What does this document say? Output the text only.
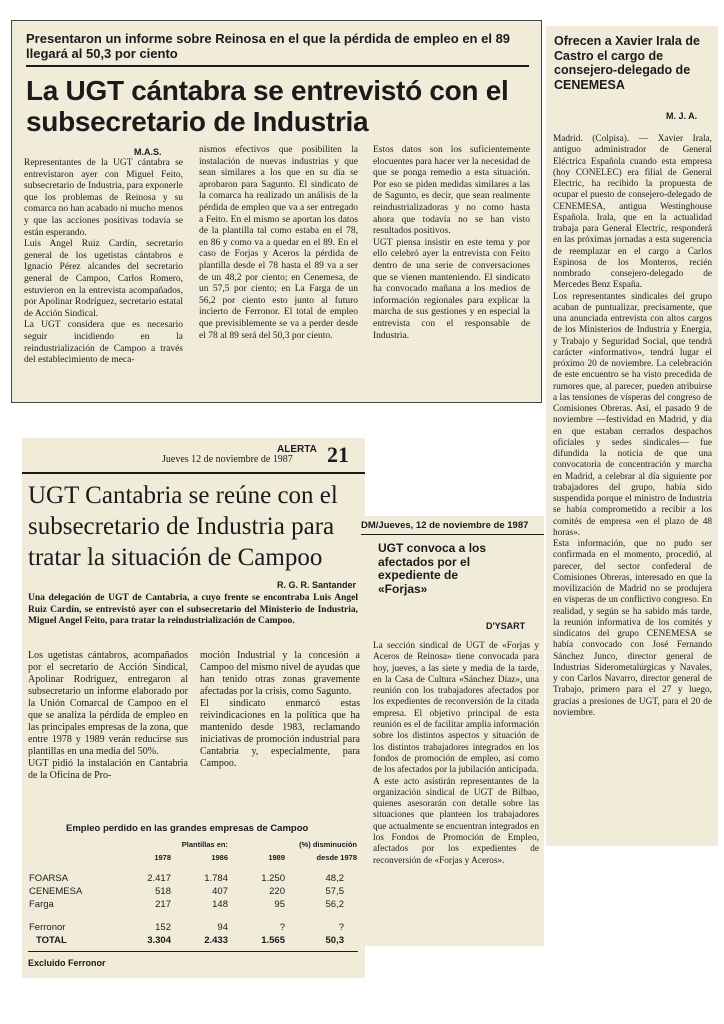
Presentaron un informe sobre Reinosa en el que la pérdida de empleo en el 89 llegará al 50,3 por ciento
La UGT cántabra se entrevistó con el subsecretario de Industria
M.A.S.
Representantes de la UGT cántabra se entrevistaron ayer con Miguel Feito, subsecretario de Industria, para exponerle que los problemas de Reinosa y su comarca no han acabado ni mucho menos y que las acciones positivas todavía se están esperando.
Luis Angel Ruiz Cardín, secretario general de los ugetistas cántabros e Ignacio Pérez alcandes del secretario general de Campoo, Carlos Romero, estuvieron en la entrevista acompañados, por Apolinar Rodríguez, secretario estatal de Acción Sindical.
La UGT considera que es necesario seguir incidiendo en la reindustrialización de Campoo a través del establecimiento de meca-
nismos efectivos que posibiliten la instalación de nuevas industrias y que sean similares a los que en su día se aprobaron para Sagunto. El sindicato de la comarca ha realizado un análisis de la pérdida de empleo que va a ser entregado a Feito. En el mismo se aportan los datos de la plantilla tal como estaba en el 78, en 86 y como va a quedar en el 89. En el caso de Forjas y Aceros la pérdida de plantilla desde el 78 hasta el 89 va a ser de un 48,2 por ciento; en Cenemesa, de un 57,5 por ciento; en La Farga de un 56,2 por ciento esto junto al futuro incierto de Ferronor. El total de empleo que previsiblemente se va a perder desde el 78 al 89 será del 50,3 por ciento.
Estos datos son los suficientemente elocuentes para hacer ver la necesidad de que se ponga remedio a esta situación. Por eso se piden medidas similares a las de Sagunto, es decir, que sean realmente reindustrializadoras y no como hasta ahora que todavía no se han visto resultados positivos.
UGT piensa insistir en este tema y por ello celebró ayer la entrevista con Feito dentro de una serie de conversaciones que se vienen manteniendo. El sindicato ha convocado mañana a los medios de información regionales para explicar la marcha de sus gestiones y en especial la entrevista con el responsable de Industria.
Ofrecen a Xavier Irala de Castro el cargo de consejero-delegado de CENEMESA
M. J. A.
Madrid. (Colpisa). — Xavier Irala, antiguo administrador de General Eléctrica Española cuando esta empresa (hoy CONELEC) era filial de General Electric, ha recibido la propuesta de ocupar el puesto de consejero-delegado de CENEMESA, antigua Westinghouse Española. Irala, que en la actualidad trabaja para General Electric, responderá en las próximas jornadas a esta sugerencia de reemplazar en el cargo a Carlos Espinosa de los Monteros, recién nombrado consejero-delegado de Mercedes Benz España.
Los representantes sindicales del grupo acaban de puntualizar, precisamente, que una anunciada entrevista con altos cargos de los Ministerios de Industria y Energía, y Trabajo y Seguridad Social, que tendrá carácter «informativo», tendrá lugar el próximo 20 de noviembre. La celebración de este encuentro se ha visto precedida de rumores que, al parecer, pueden atribuirse a las tensiones de vísperas del congreso de Comisiones Obreras. Así, el pasado 9 de noviembre —festividad en Madrid, y día en que estaban cerrados despachos oficiales y sedes sindicales— fue difundida la noticia de que una convocatoria de concentración y marcha en Madrid, a celebrar al día siguiente por trabajadores del grupo, había sido suspendida porque el ministro de Industria se había comprometido a recibir a los comités de empresa «en el plazo de 48 horas».
Esta información, que no pudo ser confirmada en el momento, procedió, al parecer, del sector confederal de Comisiones Obreras, interesado en que la movilización de Madrid no se produjera en vísperas de un conflictivo congreso. En realidad, y según se ha sabido más tarde, la reunión informativa de los comités y sindicatos del grupo CENEMESA se había convocado con José Fernando Sánchez Junco, director general de Industrias Siderometalúrgicas y Navales, y con Carlos Navarro, director general de Trabajo, primero para el 27 y luego, gracias a presiones de UGT, para el 20 de noviembre.
ALERTA
Jueves 12 de noviembre de 1987 21
UGT Cantabria se reúne con el subsecretario de Industria para tratar la situación de Campoo
R. G. R. Santander
Una delegación de UGT de Cantabria, a cuyo frente se encontraba Luis Angel Ruiz Cardín, se entrevistó ayer con el subsecretario del Ministerio de Industria, Miguel Angel Feito, para tratar la reindustrialización de Campoo.
Los ugetistas cántabros, acompañados por el secretario de Acción Sindical, Apolinar Rodríguez, entregaron al subsecretario un informe elaborado por la Unión Comarcal de Campoo en el que se analiza la pérdida de empleo en las principales empresas de la zona, que entre 1978 y 1989 verán reducirse sus plantillas en una media del 50%.
UGT pidió la instalación en Cantabria de la Oficina de Pro-
moción Industrial y la concesión a Campoo del mismo nivel de ayudas que han tenido otras zonas gravemente afectadas por la crisis, como Sagunto.
El sindicato enmarcó estas reivindicaciones en la política que ha mantenido desde 1983, reclamando iniciativas de promoción industrial para Cantabria y, especialmente, para Campoo.
Empleo perdido en las grandes empresas de Campoo
		Plantillas en:		(%) disminución
	1978	1986	1989	desde 1978

FOARSA	2.417	1.784	1.250	48,2
CENEMESA	518	407	220	57,5
Farga	217	148	95	56,2

Ferronor	152	94	?	?
TOTAL	3.304	2.433	1.565	50,3
Excluido Ferronor
DM/Jueves, 12 de noviembre de 1987
UGT convoca a los afectados por el expediente de «Forjas»
D'YSART
La sección sindical de UGT de «Forjas y Aceros de Reinosa» tiene convocada para hoy, jueves, a las siete y media de la tarde, en la Casa de Cultura «Sánchez Díaz», una reunión con los trabajadores afectados por los expedientes de reconversión de la citada empresa. El objetivo principal de esta reunión es el de facilitar amplia información sobre los distintos aspectos y situación de los distintos trabajadores integrados en los fondos de promoción de empleo, así como de los afectados por la jubilación anticipada.
A este acto asistirán representantes de la organización sindical de UGT de Bilbao, quienes asesorarán con detalle sobre las situaciones que planteen los trabajadores que actualmente se encuentran integrados en los Fondos de Promoción de Empleo, afectados por los expedientes de reconversión de «Forjas y Aceros».
